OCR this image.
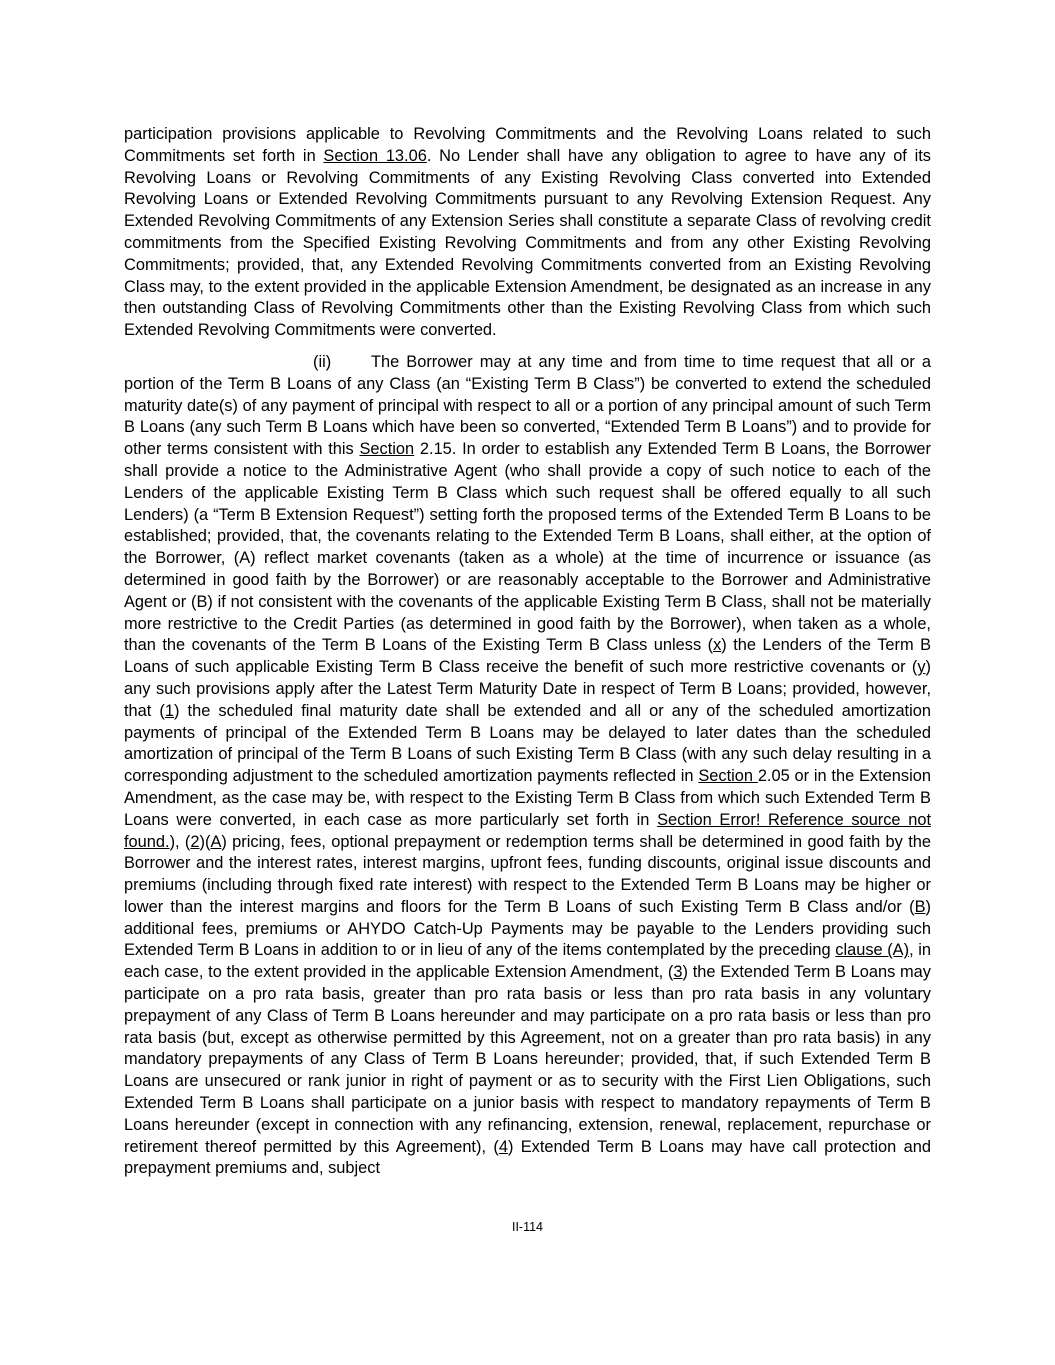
participation provisions applicable to Revolving Commitments and the Revolving Loans related to such Commitments set forth in Section 13.06. No Lender shall have any obligation to agree to have any of its Revolving Loans or Revolving Commitments of any Existing Revolving Class converted into Extended Revolving Loans or Extended Revolving Commitments pursuant to any Revolving Extension Request. Any Extended Revolving Commitments of any Extension Series shall constitute a separate Class of revolving credit commitments from the Specified Existing Revolving Commitments and from any other Existing Revolving Commitments; provided, that, any Extended Revolving Commitments converted from an Existing Revolving Class may, to the extent provided in the applicable Extension Amendment, be designated as an increase in any then outstanding Class of Revolving Commitments other than the Existing Revolving Class from which such Extended Revolving Commitments were converted.

(ii) The Borrower may at any time and from time to time request that all or a portion of the Term B Loans of any Class (an “Existing Term B Class”) be converted to extend the scheduled maturity date(s) of any payment of principal with respect to all or a portion of any principal amount of such Term B Loans (any such Term B Loans which have been so converted, “Extended Term B Loans”) and to provide for other terms consistent with this Section 2.15. In order to establish any Extended Term B Loans, the Borrower shall provide a notice to the Administrative Agent (who shall provide a copy of such notice to each of the Lenders of the applicable Existing Term B Class which such request shall be offered equally to all such Lenders) (a “Term B Extension Request”) setting forth the proposed terms of the Extended Term B Loans to be established; provided, that, the covenants relating to the Extended Term B Loans, shall either, at the option of the Borrower, (A) reflect market covenants (taken as a whole) at the time of incurrence or issuance (as determined in good faith by the Borrower) or are reasonably acceptable to the Borrower and Administrative Agent or (B) if not consistent with the covenants of the applicable Existing Term B Class, shall not be materially more restrictive to the Credit Parties (as determined in good faith by the Borrower), when taken as a whole, than the covenants of the Term B Loans of the Existing Term B Class unless (x) the Lenders of the Term B Loans of such applicable Existing Term B Class receive the benefit of such more restrictive covenants or (y) any such provisions apply after the Latest Term Maturity Date in respect of Term B Loans; provided, however, that (1) the scheduled final maturity date shall be extended and all or any of the scheduled amortization payments of principal of the Extended Term B Loans may be delayed to later dates than the scheduled amortization of principal of the Term B Loans of such Existing Term B Class (with any such delay resulting in a corresponding adjustment to the scheduled amortization payments reflected in Section 2.05 or in the Extension Amendment, as the case may be, with respect to the Existing Term B Class from which such Extended Term B Loans were converted, in each case as more particularly set forth in Section Error! Reference source not found.), (2)(A) pricing, fees, optional prepayment or redemption terms shall be determined in good faith by the Borrower and the interest rates, interest margins, upfront fees, funding discounts, original issue discounts and premiums (including through fixed rate interest) with respect to the Extended Term B Loans may be higher or lower than the interest margins and floors for the Term B Loans of such Existing Term B Class and/or (B) additional fees, premiums or AHYDO Catch-Up Payments may be payable to the Lenders providing such Extended Term B Loans in addition to or in lieu of any of the items contemplated by the preceding clause (A), in each case, to the extent provided in the applicable Extension Amendment, (3) the Extended Term B Loans may participate on a pro rata basis, greater than pro rata basis or less than pro rata basis in any voluntary prepayment of any Class of Term B Loans hereunder and may participate on a pro rata basis or less than pro rata basis (but, except as otherwise permitted by this Agreement, not on a greater than pro rata basis) in any mandatory prepayments of any Class of Term B Loans hereunder; provided, that, if such Extended Term B Loans are unsecured or rank junior in right of payment or as to security with the First Lien Obligations, such Extended Term B Loans shall participate on a junior basis with respect to mandatory repayments of Term B Loans hereunder (except in connection with any refinancing, extension, renewal, replacement, repurchase or retirement thereof permitted by this Agreement), (4) Extended Term B Loans may have call protection and prepayment premiums and, subject

II-114
